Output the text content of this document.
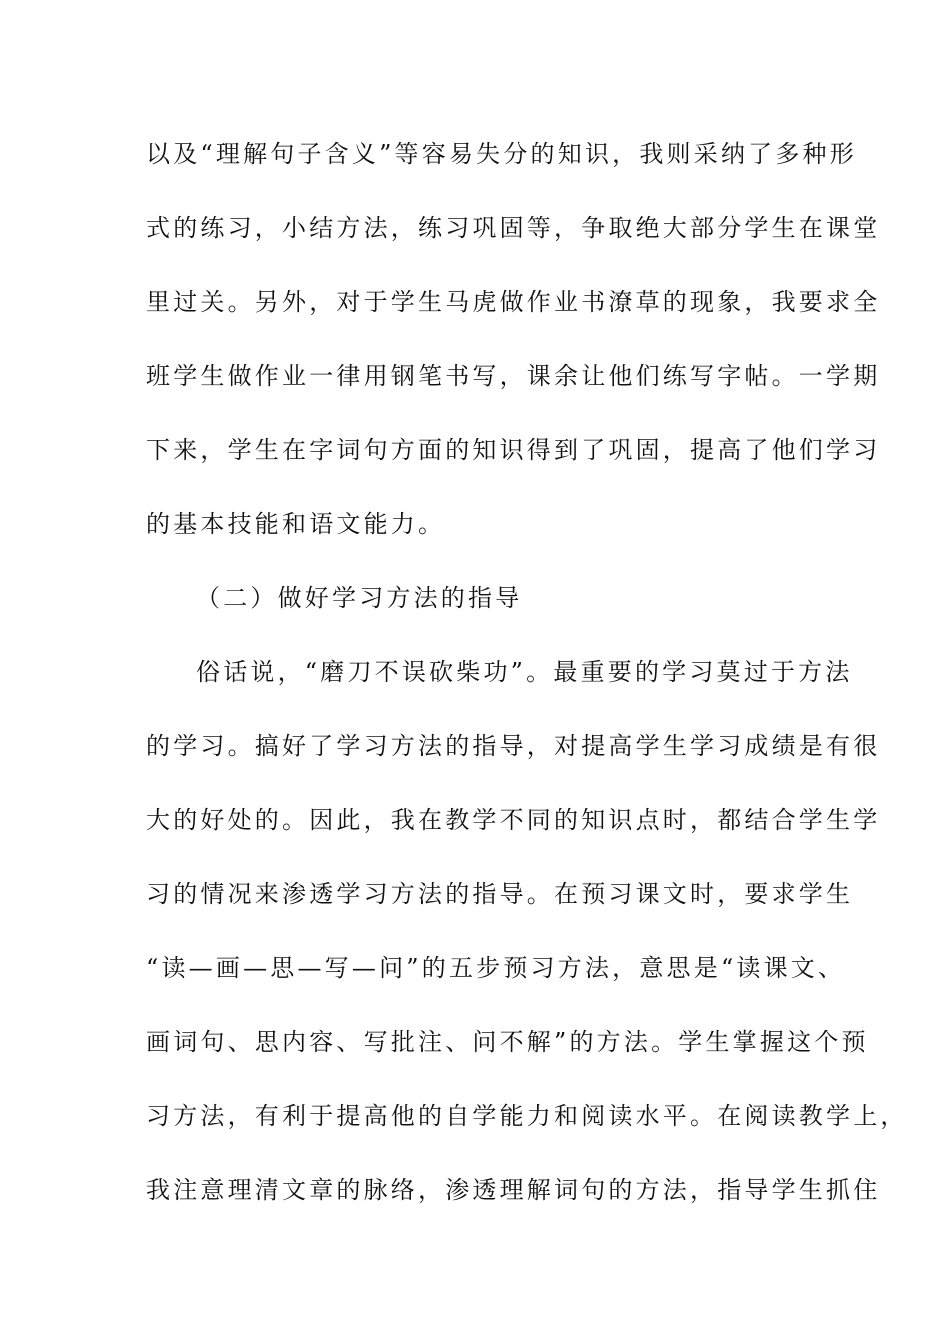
以及“理解句子含义”等容易失分的知识，我则采纳了多种形
式的练习，小结方法，练习巩固等，争取绝大部分学生在课堂
里过关。另外，对于学生马虎做作业书潦草的现象，我要求全
班学生做作业一律用钢笔书写，课余让他们练写字帖。一学期
下来，学生在字词句方面的知识得到了巩固，提高了他们学习
的基本技能和语文能力。
（二）做好学习方法的指导
俗话说，“磨刀不误砍柴功”。最重要的学习莫过于方法
的学习。搞好了学习方法的指导，对提高学生学习成绩是有很
大的好处的。因此，我在教学不同的知识点时，都结合学生学
习的情况来渗透学习方法的指导。在预习课文时，要求学生
“读—画—思—写—问”的五步预习方法，意思是“读课文、
画词句、思内容、写批注、问不解”的方法。学生掌握这个预
习方法，有利于提高他的自学能力和阅读水平。在阅读教学上，
我注意理清文章的脉络，渗透理解词句的方法，指导学生抓住
